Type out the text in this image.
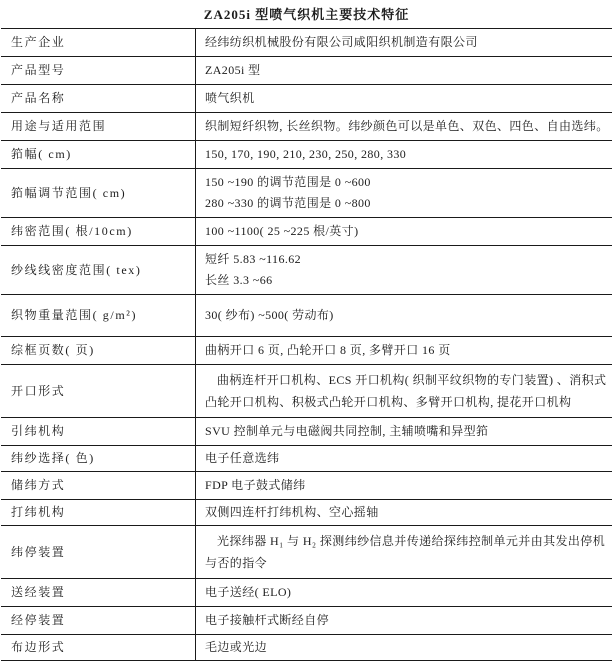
ZA205i 型喷气织机主要技术特征
生产企业	经纬纺织机械股份有限公司咸阳织机制造有限公司

产品型号	ZA205i 型

产品名称	喷气织机

用途与适用范围	织制短纤织物, 长丝织物。纬纱颜色可以是单色、双色、四色、自由选纬。

筘幅( cm)	150, 170, 190, 210, 230, 250, 280, 330

筘幅调节范围( cm)	150 ~190 的调节范围是 0 ~600
280 ~330 的调节范围是 0 ~800

纬密范围( 根/10cm)	100 ~1100( 25 ~225 根/英寸)

纱线线密度范围( tex)	短纤 5.83 ~116.62
长丝 3.3 ~66

织物重量范围( g/m²)	30( 纱布) ~500( 劳动布)

综框页数( 页)	曲柄开口 6 页, 凸轮开口 8 页, 多臂开口 16 页

开口形式	曲柄连杆开口机构、ECS 开口机构( 织制平纹织物的专门装置) 、消积式凸轮开口机构、积极式凸轮开口机构、多臂开口机构, 提花开口机构

引纬机构	SVU 控制单元与电磁阀共同控制, 主辅喷嘴和异型筘

纬纱选择( 色)	电子任意选纬

储纬方式	FDP 电子鼓式储纬

打纬机构	双侧四连杆打纬机构、空心摇轴

纬停装置	光探纬器 H₁ 与 H₂ 探测纬纱信息并传递给探纬控制单元并由其发出停机与否的指令

送经装置	电子送经( ELO)

经停装置	电子接触杆式断经自停

布边形式	毛边或光边
